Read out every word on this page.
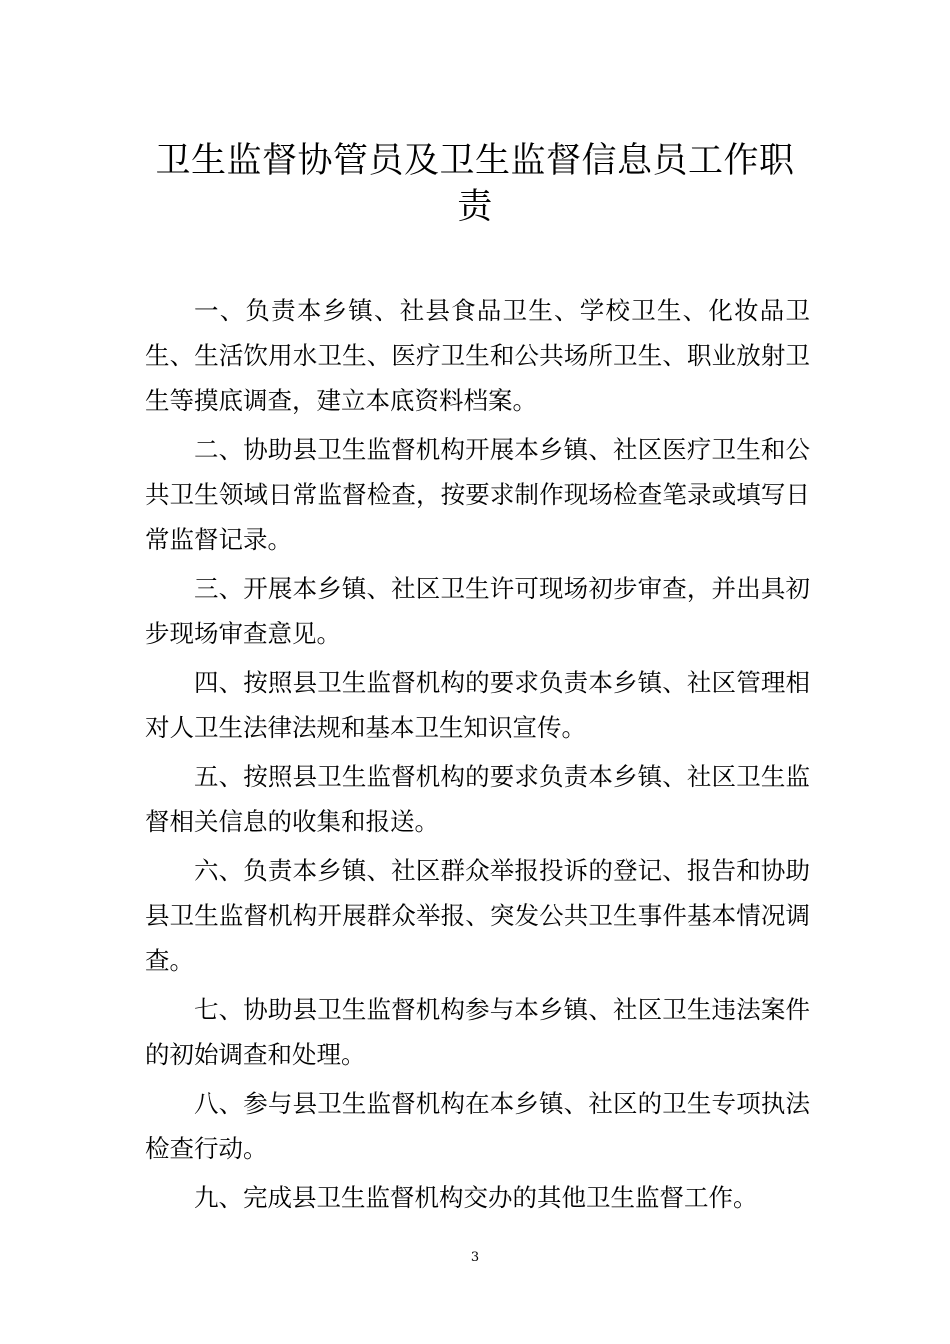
卫生监督协管员及卫生监督信息员工作职
责

一、负责本乡镇、社县食品卫生、学校卫生、化妆品卫生、生活饮用水卫生、医疗卫生和公共场所卫生、职业放射卫生等摸底调查，建立本底资料档案。

二、协助县卫生监督机构开展本乡镇、社区医疗卫生和公共卫生领域日常监督检查，按要求制作现场检查笔录或填写日常监督记录。

三、开展本乡镇、社区卫生许可现场初步审查，并出具初步现场审查意见。

四、按照县卫生监督机构的要求负责本乡镇、社区管理相对人卫生法律法规和基本卫生知识宣传。

五、按照县卫生监督机构的要求负责本乡镇、社区卫生监督相关信息的收集和报送。

六、负责本乡镇、社区群众举报投诉的登记、报告和协助县卫生监督机构开展群众举报、突发公共卫生事件基本情况调查。

七、协助县卫生监督机构参与本乡镇、社区卫生违法案件的初始调查和处理。

八、参与县卫生监督机构在本乡镇、社区的卫生专项执法检查行动。

九、完成县卫生监督机构交办的其他卫生监督工作。

3
